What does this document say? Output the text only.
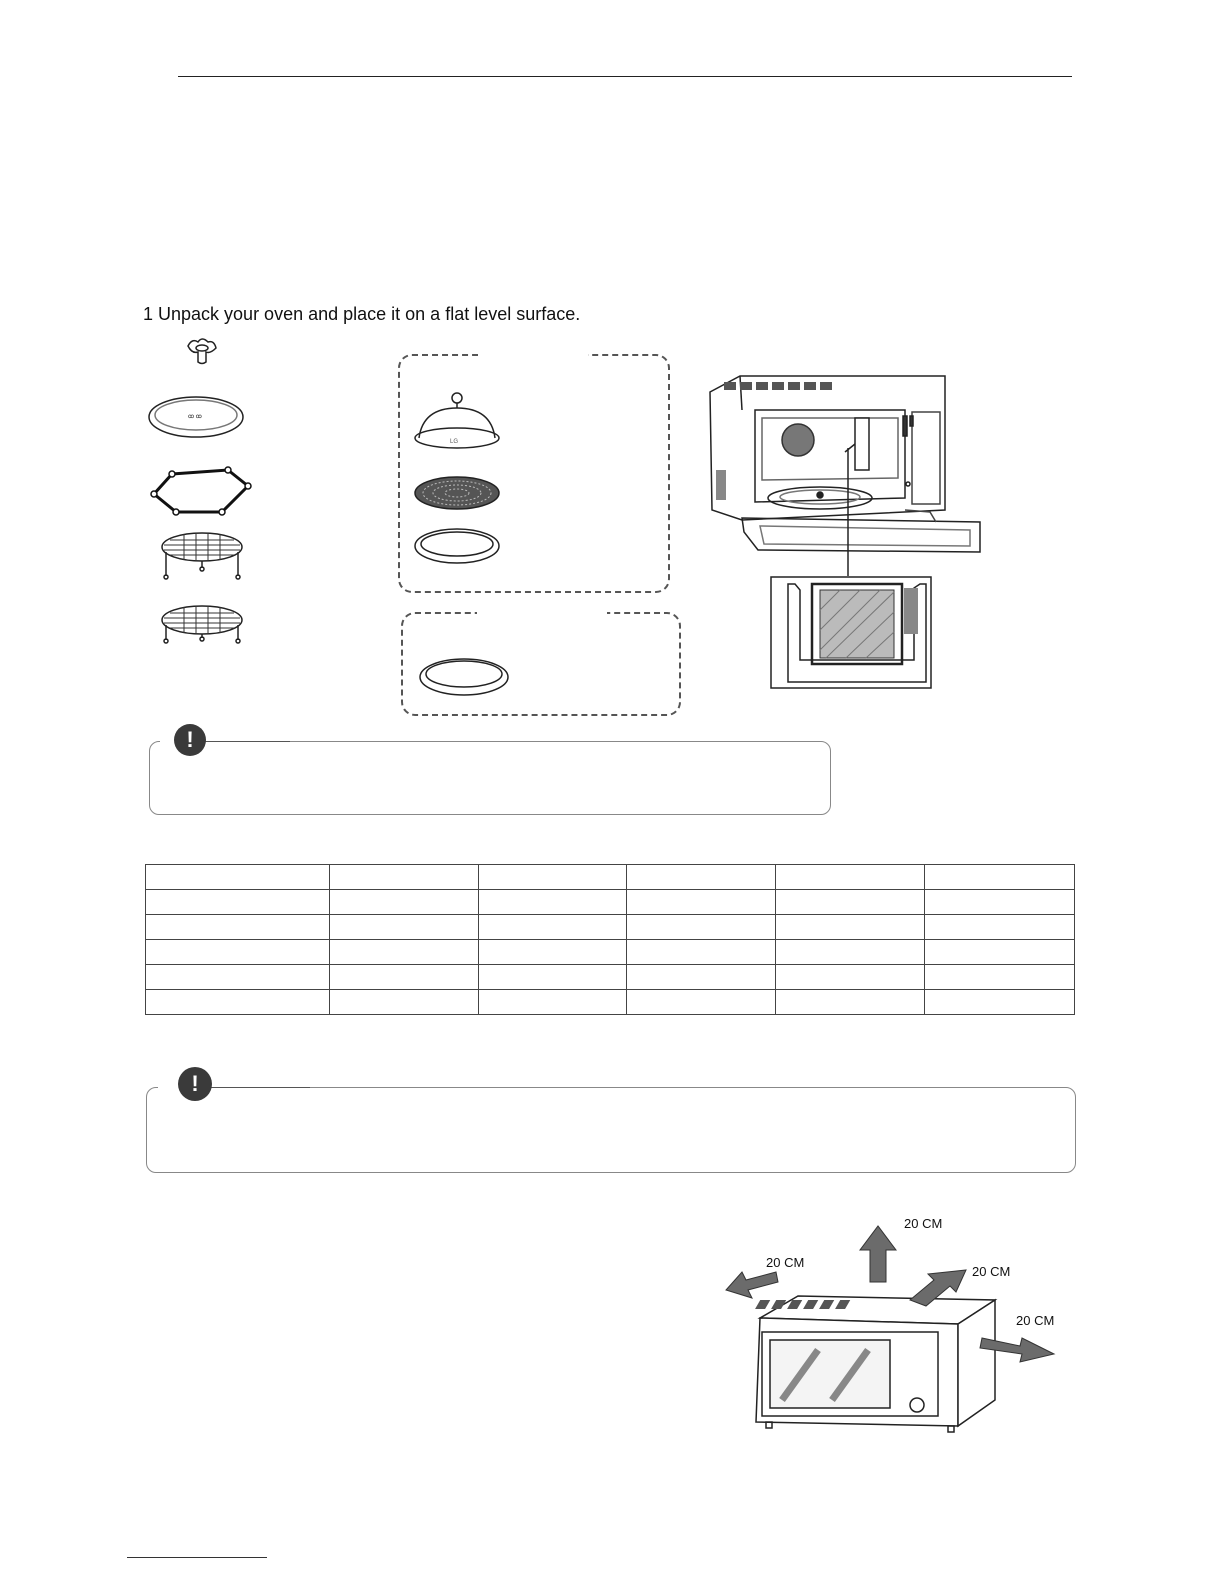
1 Unpack your oven and place it on a flat level surface.
ꝏ ꝏ
LG
!

!
20 CM
20 CM
20 CM
20 CM
